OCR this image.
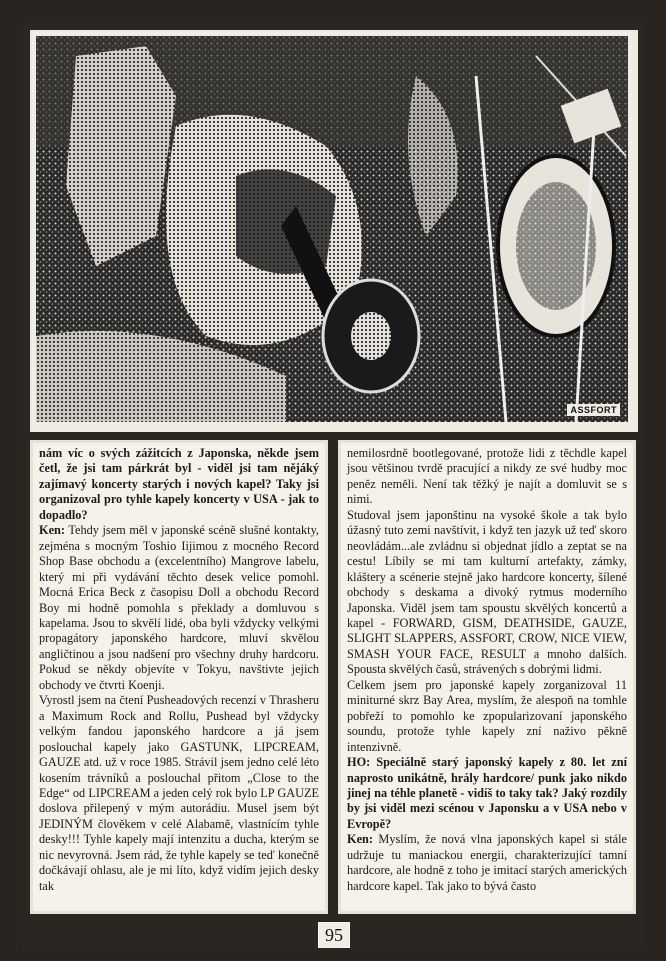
ASSFORT

nám víc o svých zážitcích z Japonska, někde jsem četl, že jsi tam párkrát byl - viděl jsi tam nějáký zajímavý koncerty starých i nových kapel? Taky jsi organizoval pro tyhle kapely koncerty v USA - jak to dopadlo?

Ken: Tehdy jsem měl v japonské scéně slušné kontakty, zejména s mocným Toshio Iijimou z mocného Record Shop Base obchodu a (excelentního) Mangrove labelu, který mi při vydávání těchto desek velice pomohl. Mocná Erica Beck z časopisu Doll a obchodu Record Boy mi hodně pomohla s překlady a domluvou s kapelama. Jsou to skvělí lidé, oba byli vždycky velkými propagátory japonského hardcore, mluví skvělou angličtinou a jsou nadšení pro všechny druhy hardcoru. Pokud se někdy objevíte v Tokyu, navštivte jejich obchody ve čtvrti Koenji.

Vyrostl jsem na čtení Pusheadových recenzí v Thrasheru a Maximum Rock and Rollu, Pushead byl vždycky velkým fandou japonského hardcore a já jsem poslouchal kapely jako GASTUNK, LIPCREAM, GAUZE atd. už v roce 1985. Strávil jsem jedno celé léto kosením trávníků a poslouchal přitom „Close to the Edge“ od LIPCREAM a jeden celý rok bylo LP GAUZE doslova přilepený v mým autorádiu. Musel jsem být JEDINÝM člověkem v celé Alabamě, vlastnícím tyhle desky!!! Tyhle kapely mají intenzitu a ducha, kterým se nic nevyrovná. Jsem rád, že tyhle kapely se teď konečně dočkávají ohlasu, ale je mi líto, když vidím jejich desky tak

nemilosrdně bootlegované, protože lidi z těchdle kapel jsou většinou tvrdě pracující a nikdy ze své hudby moc peněz neměli. Není tak těžký je najít a domluvit se s nimi.

Studoval jsem japonštinu na vysoké škole a tak bylo úžasný tuto zemi navštívit, i když ten jazyk už teď skoro neovládám...ale zvládnu si objednat jídlo a zeptat se na cestu! Líbily se mi tam kulturní artefakty, zámky, kláštery a scénerie stejně jako hardcore koncerty, šílené obchody s deskama a divoký rytmus moderního Japonska. Viděl jsem tam spoustu skvělých koncertů a kapel - FORWARD, GISM, DEATHSIDE, GAUZE, SLIGHT SLAPPERS, ASSFORT, CROW, NICE VIEW, SMASH YOUR FACE, RESULT a mnoho dalších. Spousta skvělých časů, strávených s dobrými lidmi.

Celkem jsem pro japonské kapely zorganizoval 11 miniturné skrz Bay Area, myslím, že alespoň na tomhle pobřeží to pomohlo ke zpopularizovaní japonského soundu, protože tyhle kapely zní naživo pěkně intenzivně.

HO: Speciálně starý japonský kapely z 80. let zní naprosto unikátně, hrály hardcore/ punk jako nikdo jinej na téhle planetě - vidíš to taky tak? Jaký rozdíly by jsi viděl mezi scénou v Japonsku a v USA nebo v Evropě?

Ken: Myslím, že nová vlna japonských kapel si stále udržuje tu maniackou energii, charakterizující tamní hardcore, ale hodně z toho je imitací starých amerických hardcore kapel. Tak jako to bývá často

95
